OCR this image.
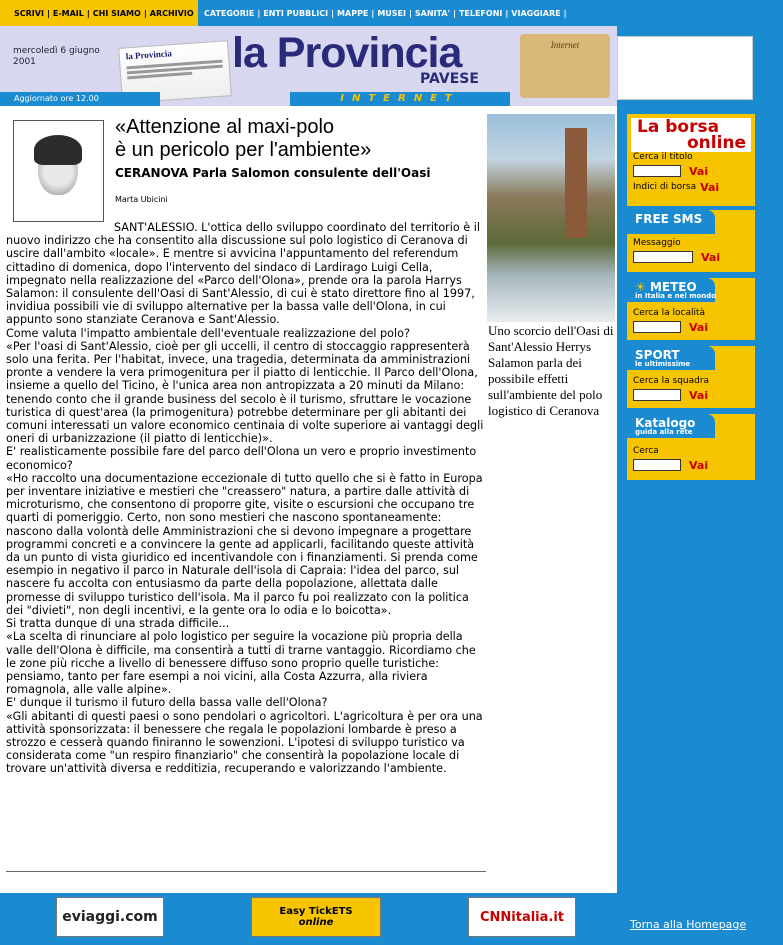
SCRIVI | E-MAIL | CHI SIAMO | ARCHIVIO CATEGORIE | ENTI PUBBLICI | MAPPE | MUSEI | SANITA' | TELEFONI | VIAGGIARE |
mercoledì 6 giugno
2001
la Provincia	la Provincia
PAVESE
Internet
Aggiornato ore 12.00	INTERNET
«Attenzione al maxi-polo
è un pericolo per l'ambiente»
CERANOVA Parla Salomon consulente dell'Oasi
Marta Ubicini

SANT'ALESSIO. L'ottica dello sviluppo coordinato del territorio è il nuovo indirizzo che ha consentito alla discussione sul polo logistico di Ceranova di uscire dall'ambito «locale». E mentre si avvicina l'appuntamento del referendum cittadino di domenica, dopo l'intervento del sindaco di Lardirago Luigi Cella, impegnato nella realizzazione del «Parco dell'Olona», prende ora la parola Harrys Salamon: il consulente dell'Oasi di Sant'Alessio, di cui è stato direttore fino al 1997, invidiua possibili vie di sviluppo alternative per la bassa valle dell'Olona, in cui appunto sono stanziate Ceranova e Sant'Alessio.

Come valuta l'impatto ambientale dell'eventuale realizzazione del polo?

«Per l'oasi di Sant'Alessio, cioè per gli uccelli, il centro di stoccaggio rappresenterà solo una ferita. Per l'habitat, invece, una tragedia, determinata da amministrazioni pronte a vendere la vera primogenitura per il piatto di lenticchie. Il Parco dell'Olona, insieme a quello del Ticino, è l'unica area non antropizzata a 20 minuti da Milano: tenendo conto che il grande business del secolo è il turismo, sfruttare le vocazione turistica di quest'area (la primogenitura) potrebbe determinare per gli abitanti dei comuni interessati un valore economico centinaia di volte superiore ai vantaggi degli oneri di urbanizzazione (il piatto di lenticchie)».

E' realisticamente possibile fare del parco dell'Olona un vero e proprio investimento economico?

«Ho raccolto una documentazione eccezionale di tutto quello che si è fatto in Europa per inventare iniziative e mestieri che "creassero" natura, a partire dalle attività di microturismo, che consentono di proporre gite, visite o escursioni che occupano tre quarti di pomeriggio. Certo, non sono mestieri che nascono spontaneamente: nascono dalla volontà delle Amministrazioni che si devono impegnare a progettare programmi concreti e a convincere la gente ad applicarli, facilitando queste attività da un punto di vista giuridico ed incentivandole con i finanziamenti. Si prenda come esempio in negativo il parco in Naturale dell'isola di Capraia: l'idea del parco, sul nascere fu accolta con entusiasmo da parte della popolazione, allettata dalle promesse di sviluppo turistico dell'isola. Ma il parco fu poi realizzato con la politica dei "divieti", non degli incentivi, e la gente ora lo odia e lo boicotta».

Si tratta dunque di una strada difficile...

«La scelta di rinunciare al polo logistico per seguire la vocazione più propria della valle dell'Olona è difficile, ma consentirà a tutti di trarne vantaggio. Ricordiamo che le zone più ricche a livello di benessere diffuso sono proprio quelle turistiche: pensiamo, tanto per fare esempi a noi vicini, alla Costa Azzurra, alla riviera romagnola, alle valle alpine».

E' dunque il turismo il futuro della bassa valle dell'Olona?

«Gli abitanti di questi paesi o sono pendolari o agricoltori. L'agricoltura è per ora una attività sponsorizzata: il benessere che regala le popolazioni lombarde è preso a strozzo e cesserà quando finiranno le sowenzioni. L'ipotesi di sviluppo turistico va considerata come "un respiro finanziario" che consentirà la popolazione locale di trovare un'attività diversa e redditizia, recuperando e valorizzando l'ambiente.

Uno scorcio dell'Oasi di Sant'Alessio Herrys Salamon parla dei possibile effetti sull'ambiente del polo logistico di Ceranova
La borsa
online
Cerca il titolo
Vai
Indici di borsa Vai
FREE SMS
Messaggio
Vai
☀ METEO
in Italia e nel mondo
Cerca la località
Vai
SPORT
le ultimissime
Cerca la squadra
Vai
Katalogo
guida alla rete
Cerca
Vai
eviaggi.com	Easy TickETS
online	CNNitalia.it	Torna alla Homepage
